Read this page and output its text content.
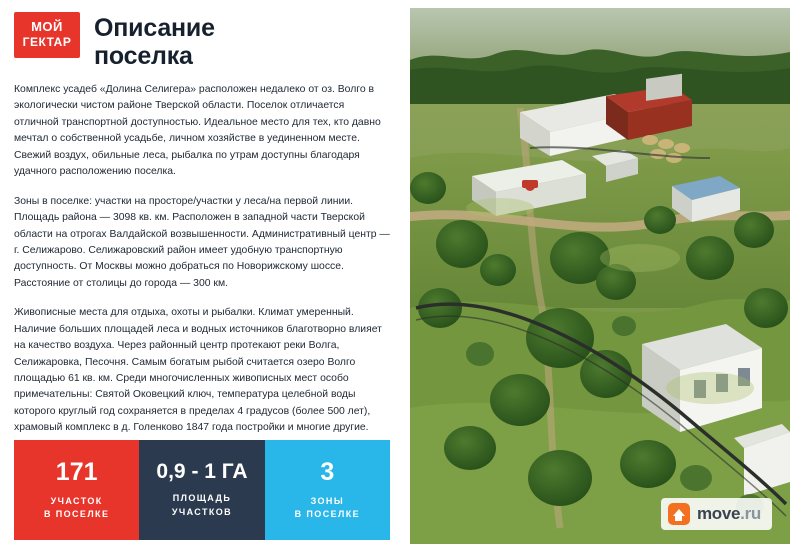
МОЙ
ГЕКТАР
Описание
поселка

Комплекс усадеб «Долина Селигера» расположен недалеко от оз. Волго в экологически чистом районе Тверской области. Поселок отличается отличной транспортной доступностью. Идеальное место для тех, кто давно мечтал о собственной усадьбе, личном хозяйстве в уединенном месте. Свежий воздух, обильные леса, рыбалка по утрам доступны благодаря удачного расположению поселка.

Зоны в поселке: участки на просторе/участки у леса/на первой линии. Площадь района — 3098 кв. км. Расположен в западной части Тверской области на отрогах Валдайской возвышенности. Административный центр — г. Селижарово. Селижаровский район имеет удобную транспортную доступность. От Москвы можно добраться по Новорижскому шоссе. Расстояние от столицы до города — 300 км.

Живописные места для отдыха, охоты и рыбалки. Климат умеренный. Наличие больших площадей леса и водных источников благотворно влияет на качество воздуха. Через районный центр протекают реки Волга, Селижаровка, Песочня. Самым богатым рыбой считается озеро Волго площадью 61 кв. км. Среди многочисленных живописных мест особо примечательны: Святой Оковецкий ключ, температура целебной воды которого круглый год сохраняется в пределах 4 градусов (более 500 лет), храмовый комплекс в д. Голенково 1847 года постройки и многие другие.

171
УЧАСТОК
В ПОСЕЛКЕ
0,9 - 1 ГА
ПЛОЩАДЬ
УЧАСТКОВ
3
ЗОНЫ
В ПОСЕЛКЕ	move.ru
